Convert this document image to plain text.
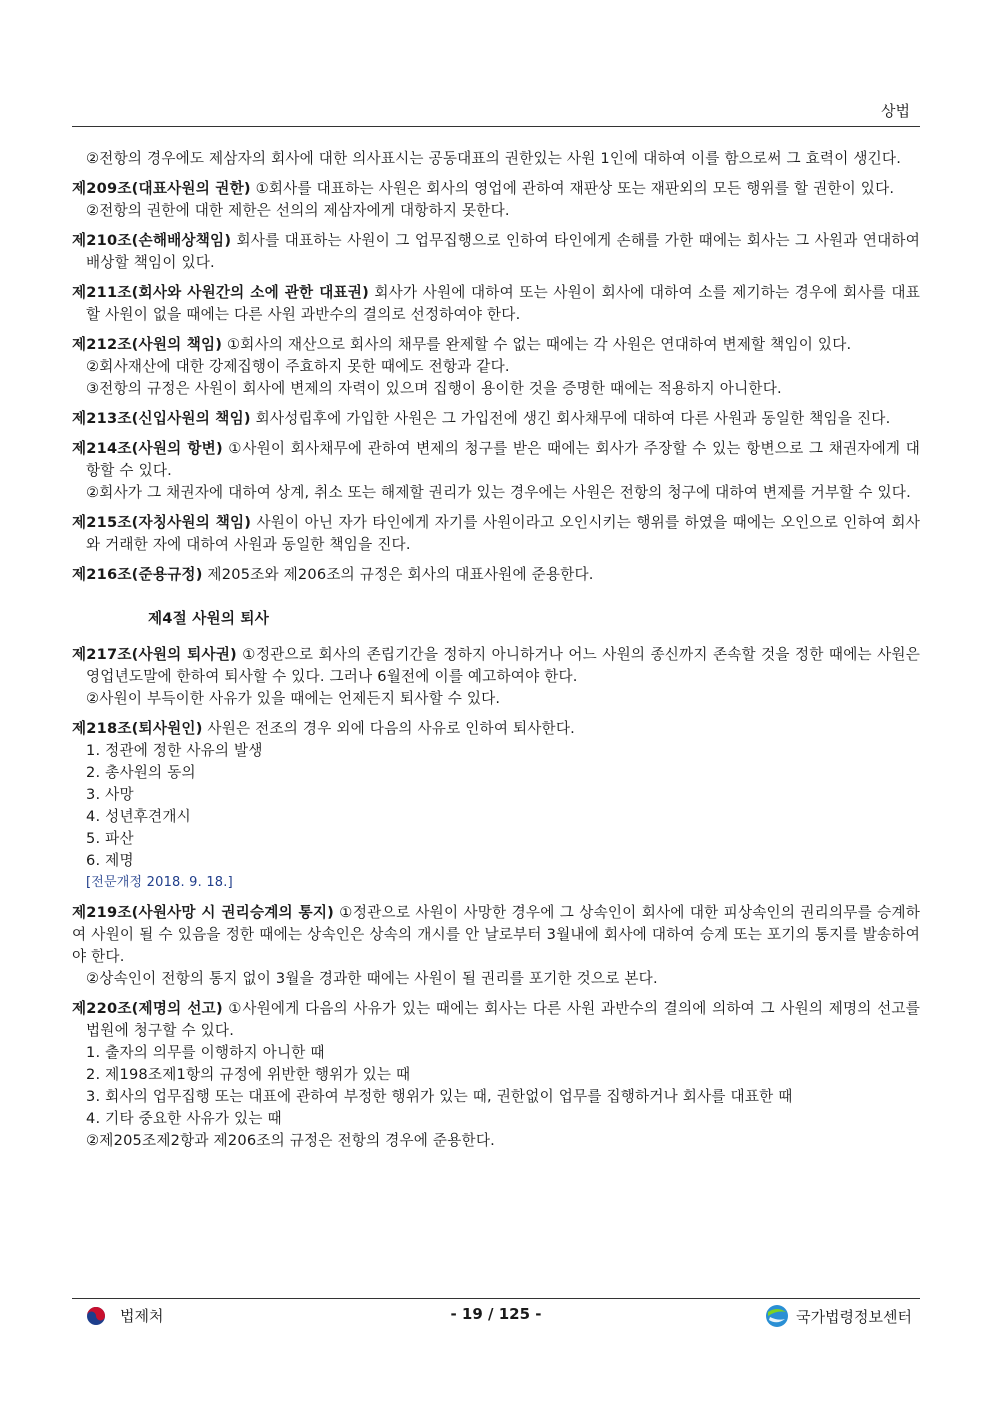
상법
②전항의 경우에도 제삼자의 회사에 대한 의사표시는 공동대표의 권한있는 사원 1인에 대하여 이를 함으로써 그 효력이 생긴다.
제209조(대표사원의 권한) ①회사를 대표하는 사원은 회사의 영업에 관하여 재판상 또는 재판외의 모든 행위를 할 권한이 있다.
②전항의 권한에 대한 제한은 선의의 제삼자에게 대항하지 못한다.
제210조(손해배상책임) 회사를 대표하는 사원이 그 업무집행으로 인하여 타인에게 손해를 가한 때에는 회사는 그 사원과 연대하여 배상할 책임이 있다.
제211조(회사와 사원간의 소에 관한 대표권) 회사가 사원에 대하여 또는 사원이 회사에 대하여 소를 제기하는 경우에 회사를 대표할 사원이 없을 때에는 다른 사원 과반수의 결의로 선정하여야 한다.
제212조(사원의 책임) ①회사의 재산으로 회사의 채무를 완제할 수 없는 때에는 각 사원은 연대하여 변제할 책임이 있다.
②회사재산에 대한 강제집행이 주효하지 못한 때에도 전항과 같다.
③전항의 규정은 사원이 회사에 변제의 자력이 있으며 집행이 용이한 것을 증명한 때에는 적용하지 아니한다.
제213조(신입사원의 책임) 회사성립후에 가입한 사원은 그 가입전에 생긴 회사채무에 대하여 다른 사원과 동일한 책임을 진다.
제214조(사원의 항변) ①사원이 회사채무에 관하여 변제의 청구를 받은 때에는 회사가 주장할 수 있는 항변으로 그 채권자에게 대항할 수 있다.
②회사가 그 채권자에 대하여 상계, 취소 또는 해제할 권리가 있는 경우에는 사원은 전항의 청구에 대하여 변제를 거부할 수 있다.
제215조(자칭사원의 책임) 사원이 아닌 자가 타인에게 자기를 사원이라고 오인시키는 행위를 하였을 때에는 오인으로 인하여 회사와 거래한 자에 대하여 사원과 동일한 책임을 진다.
제216조(준용규정) 제205조와 제206조의 규정은 회사의 대표사원에 준용한다.
제4절 사원의 퇴사
제217조(사원의 퇴사권) ①정관으로 회사의 존립기간을 정하지 아니하거나 어느 사원의 종신까지 존속할 것을 정한 때에는 사원은 영업년도말에 한하여 퇴사할 수 있다. 그러나 6월전에 이를 예고하여야 한다.
②사원이 부득이한 사유가 있을 때에는 언제든지 퇴사할 수 있다.
제218조(퇴사원인) 사원은 전조의 경우 외에 다음의 사유로 인하여 퇴사한다.
1. 정관에 정한 사유의 발생
2. 총사원의 동의
3. 사망
4. 성년후견개시
5. 파산
6. 제명
[전문개정 2018. 9. 18.]
제219조(사원사망 시 권리승계의 통지) ①정관으로 사원이 사망한 경우에 그 상속인이 회사에 대한 피상속인의 권리의무를 승계하여 사원이 될 수 있음을 정한 때에는 상속인은 상속의 개시를 안 날로부터 3월내에 회사에 대하여 승계 또는 포기의 통지를 발송하여야 한다.
②상속인이 전항의 통지 없이 3월을 경과한 때에는 사원이 될 권리를 포기한 것으로 본다.
제220조(제명의 선고) ①사원에게 다음의 사유가 있는 때에는 회사는 다른 사원 과반수의 결의에 의하여 그 사원의 제명의 선고를 법원에 청구할 수 있다.
1. 출자의 의무를 이행하지 아니한 때
2. 제198조제1항의 규정에 위반한 행위가 있는 때
3. 회사의 업무집행 또는 대표에 관하여 부정한 행위가 있는 때, 권한없이 업무를 집행하거나 회사를 대표한 때
4. 기타 중요한 사유가 있는 때
②제205조제2항과 제206조의 규정은 전항의 경우에 준용한다.
법제처	- 19 / 125 -	국가법령정보센터
